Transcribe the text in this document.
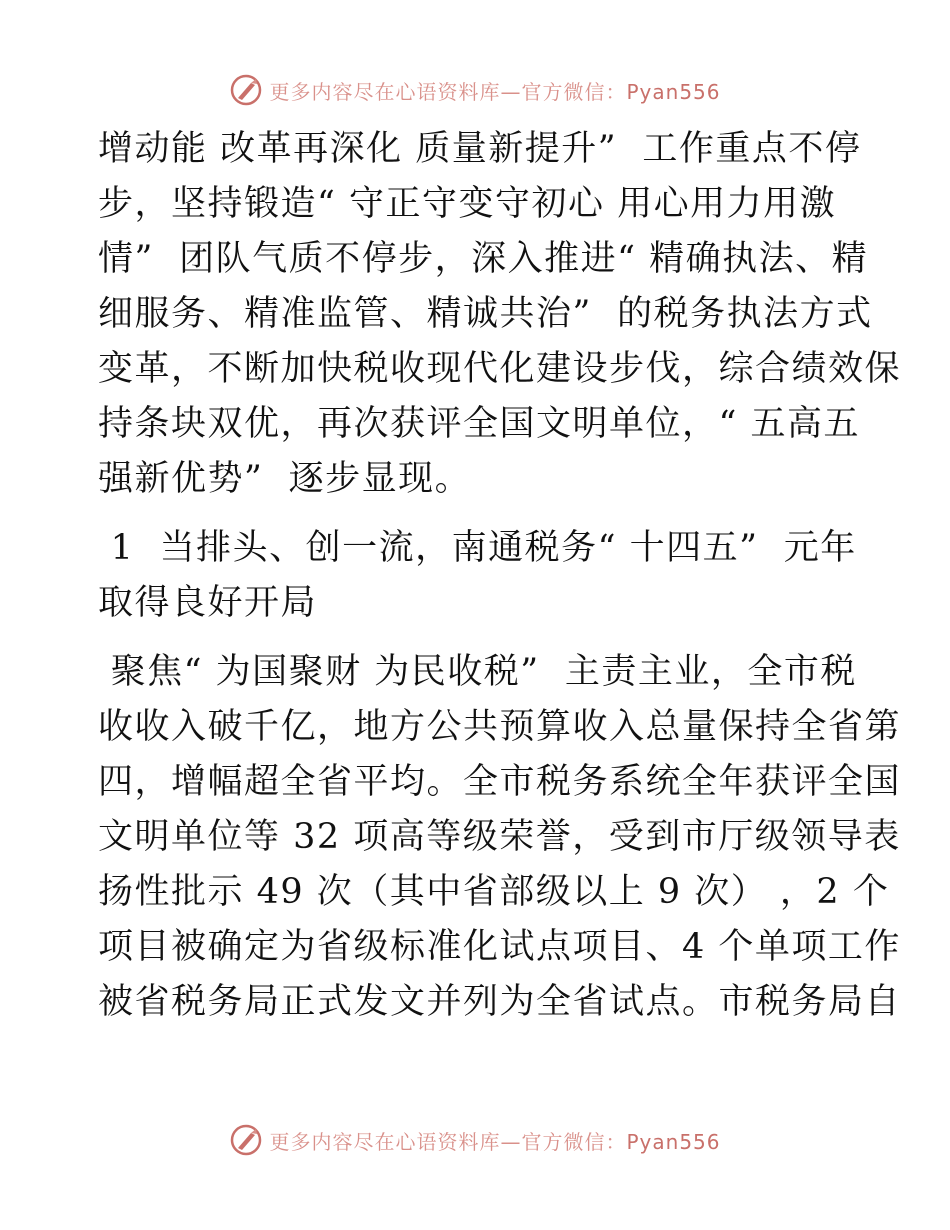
更多内容尽在心语资料库—官方微信：Pyan556
增动能 改革再深化 质量新提升”  工作重点不停
步，坚持锻造“ 守正守变守初心 用心用力用激
情”  团队气质不停步，深入推进“ 精确执法、精
细服务、精准监管、精诚共治”  的税务执法方式
变革，不断加快税收现代化建设步伐，综合绩效保
持条块双优，再次获评全国文明单位，“ 五高五
强新优势”  逐步显现。
1  当排头、创一流，南通税务“ 十四五”  元年
取得良好开局
聚焦“ 为国聚财 为民收税”  主责主业，全市税
收收入破千亿，地方公共预算收入总量保持全省第
四，增幅超全省平均。全市税务系统全年获评全国
文明单位等 32 项高等级荣誉，受到市厅级领导表
扬性批示 49 次（其中省部级以上 9 次） ，2 个
项目被确定为省级标准化试点项目、4 个单项工作
被省税务局正式发文并列为全省试点。市税务局自
更多内容尽在心语资料库—官方微信：Pyan556
